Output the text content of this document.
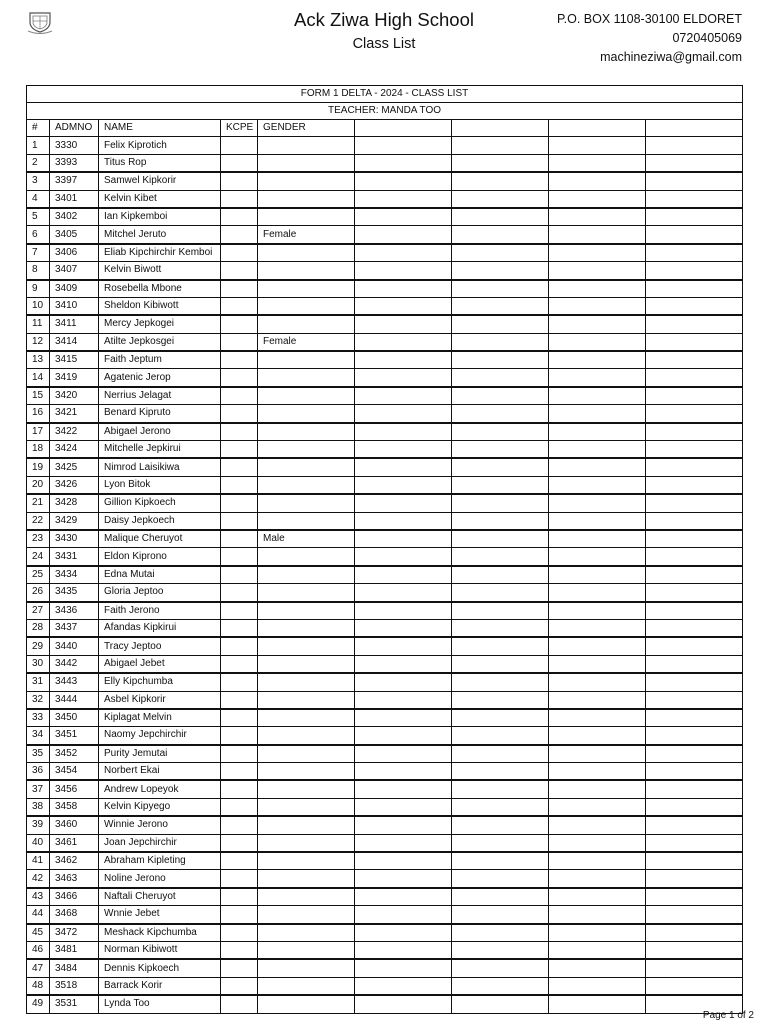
Ack Ziwa High School
Class List
P.O. BOX 1108-30100 ELDORET
0720405069
machineziwa@gmail.com
FORM 1 DELTA - 2024 - CLASS LIST								
TEACHER: MANDA TOO								
#	ADMNO	NAME	KCPE	GENDER				
1	3330	Felix Kiprotich						
2	3393	Titus Rop						
3	3397	Samwel Kipkorir						
4	3401	Kelvin Kibet						
5	3402	Ian Kipkemboi						
6	3405	Mitchel Jeruto		Female				
7	3406	Eliab Kipchirchir Kemboi						
8	3407	Kelvin Biwott						
9	3409	Rosebella Mbone						
10	3410	Sheldon Kibiwott						
11	3411	Mercy Jepkogei						
12	3414	Atilte Jepkosgei		Female				
13	3415	Faith Jeptum						
14	3419	Agatenic Jerop						
15	3420	Nerrius Jelagat						
16	3421	Benard Kipruto						
17	3422	Abigael Jerono						
18	3424	Mitchelle Jepkirui						
19	3425	Nimrod Laisikiwa						
20	3426	Lyon Bitok						
21	3428	Gillion Kipkoech						
22	3429	Daisy Jepkoech						
23	3430	Malique Cheruyot		Male				
24	3431	Eldon Kiprono						
25	3434	Edna Mutai						
26	3435	Gloria Jeptoo						
27	3436	Faith Jerono						
28	3437	Afandas Kipkirui						
29	3440	Tracy Jeptoo						
30	3442	Abigael Jebet						
31	3443	Elly Kipchumba						
32	3444	Asbel Kipkorir						
33	3450	Kiplagat Melvin						
34	3451	Naomy Jepchirchir						
35	3452	Purity Jemutai						
36	3454	Norbert Ekai						
37	3456	Andrew Lopeyok						
38	3458	Kelvin Kipyego						
39	3460	Winnie Jerono						
40	3461	Joan Jepchirchir						
41	3462	Abraham Kipleting						
42	3463	Noline Jerono						
43	3466	Naftali Cheruyot						
44	3468	Wnnie Jebet						
45	3472	Meshack Kipchumba						
46	3481	Norman Kibiwott						
47	3484	Dennis Kipkoech						
48	3518	Barrack Korir						
49	3531	Lynda Too						
Page 1 of 2
